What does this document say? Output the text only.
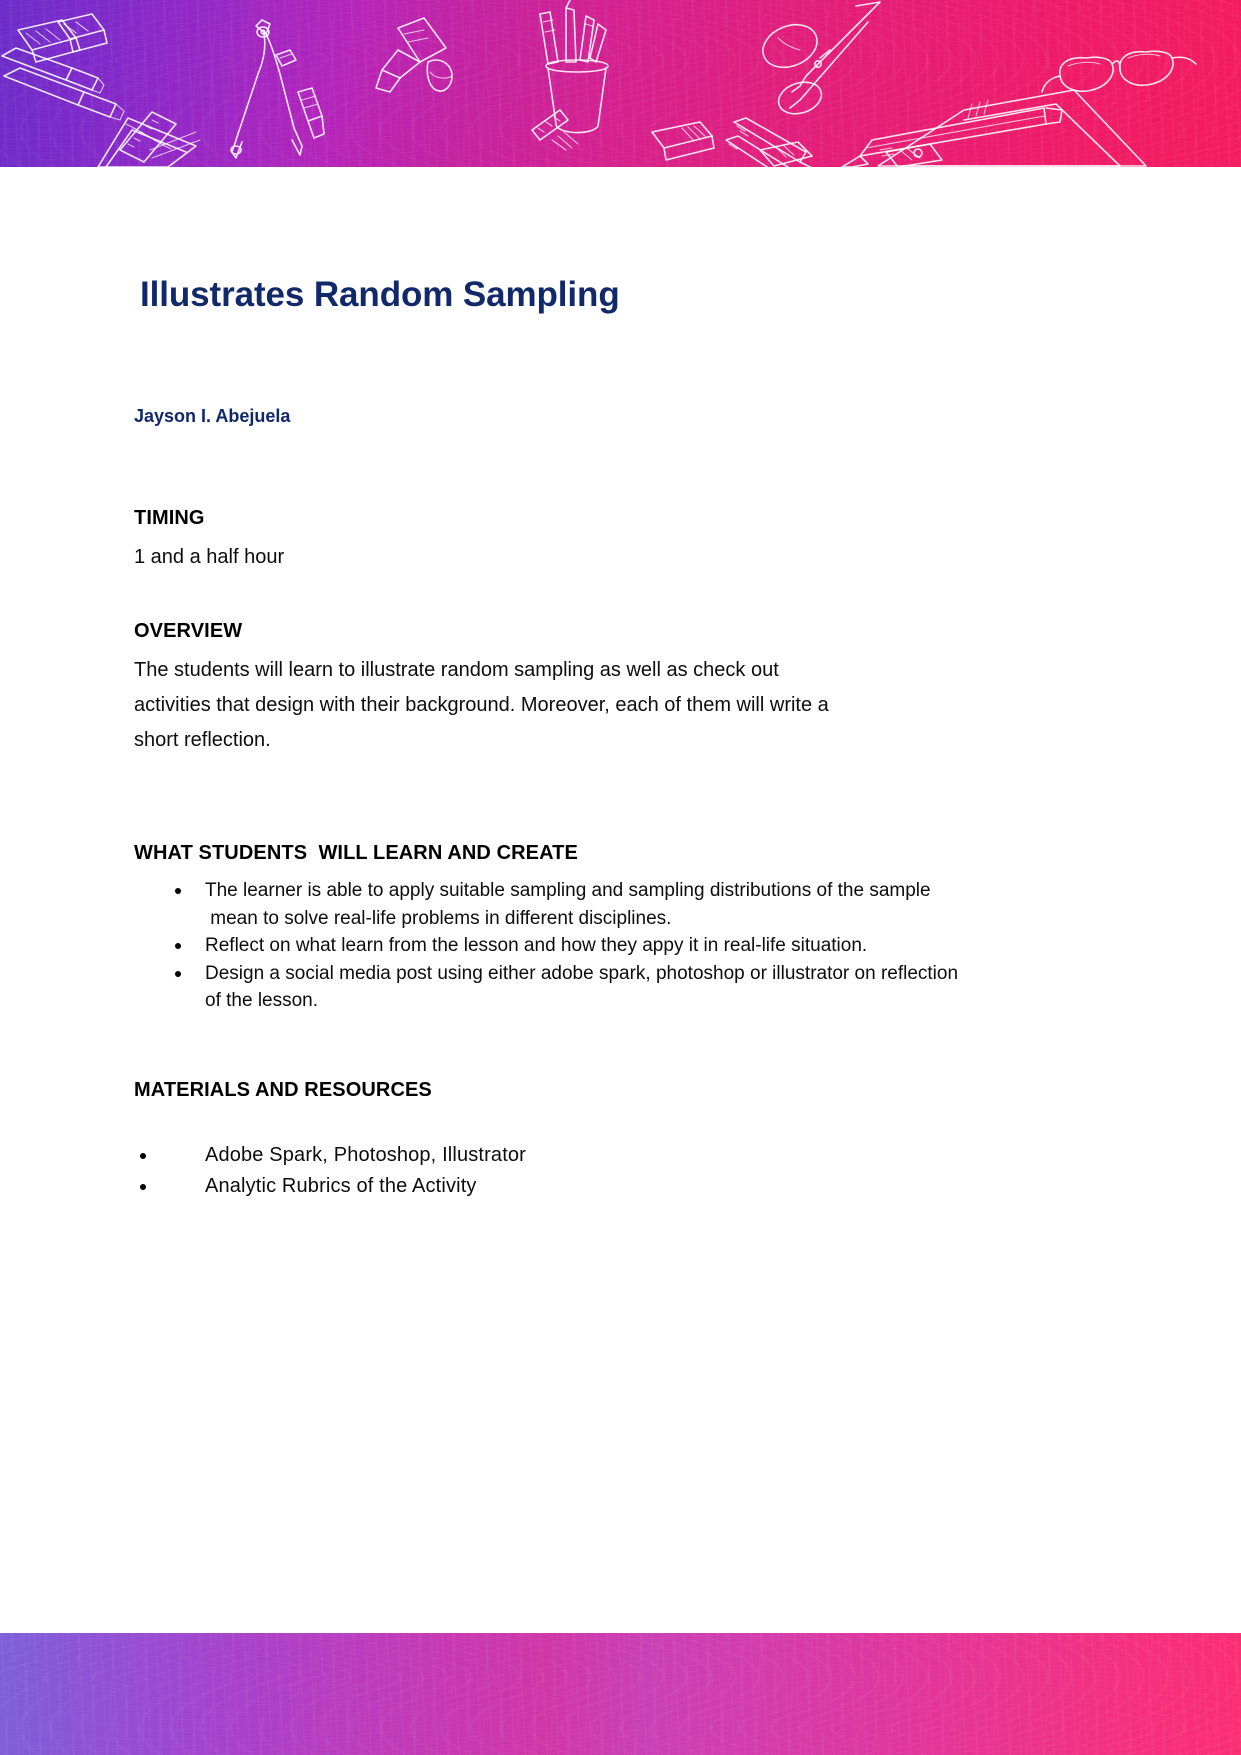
Illustrates Random Sampling
Jayson I. Abejuela
TIMING
1 and a half hour
OVERVIEW
The students will learn to illustrate random sampling as well as check out
activities that design with their background. Moreover, each of them will write a
short reflection.
WHAT STUDENTS  WILL LEARN AND CREATE
The learner is able to apply suitable sampling and sampling distributions of the sample
mean to solve real-life problems in different disciplines.
Reflect on what learn from the lesson and how they appy it in real-life situation.
Design a social media post using either adobe spark, photoshop or illustrator on reflection
of the lesson.
MATERIALS AND RESOURCES
Adobe Spark, Photoshop, Illustrator
Analytic Rubrics of the Activity
